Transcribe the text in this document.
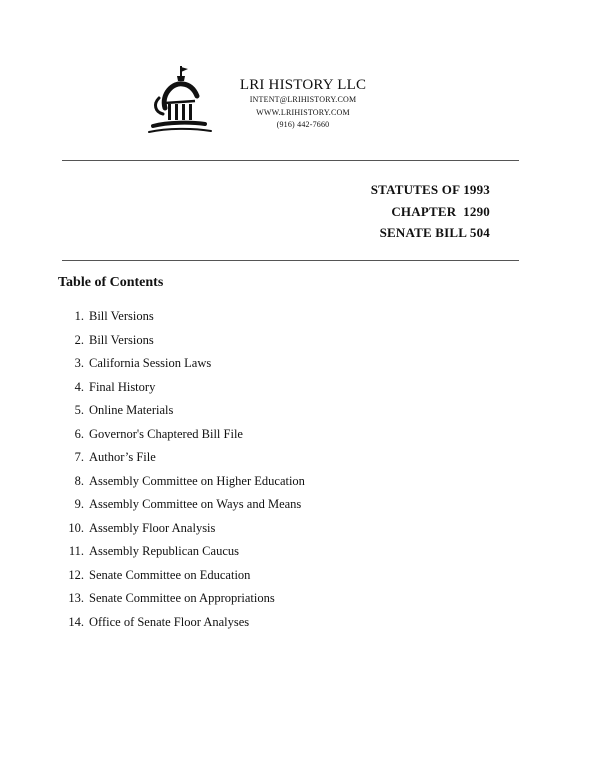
LRI HISTORY LLC
INTENT@LRIHISTORY.COM
WWW.LRIHISTORY.COM
(916) 442-7660
STATUTES OF 1993
CHAPTER  1290
SENATE BILL 504
Table of Contents
1. Bill Versions
2. Bill Versions
3. California Session Laws
4. Final History
5. Online Materials
6. Governor's Chaptered Bill File
7. Author’s File
8. Assembly Committee on Higher Education
9. Assembly Committee on Ways and Means
10. Assembly Floor Analysis
11. Assembly Republican Caucus
12. Senate Committee on Education
13. Senate Committee on Appropriations
14. Office of Senate Floor Analyses
